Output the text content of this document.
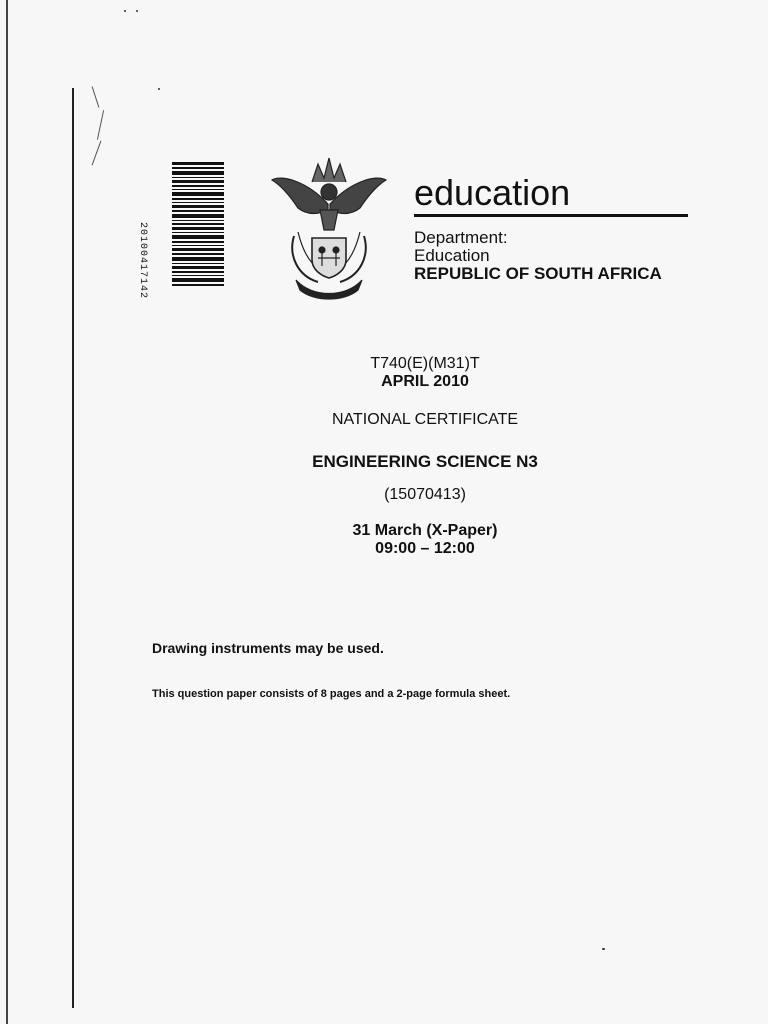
20100417142
education
Department:
Education
REPUBLIC OF SOUTH AFRICA
T740(E)(M31)T
APRIL 2010
NATIONAL CERTIFICATE
ENGINEERING SCIENCE N3
(15070413)
31 March (X-Paper)
09:00 – 12:00
Drawing instruments may be used.
This question paper consists of 8 pages and a 2-page formula sheet.
